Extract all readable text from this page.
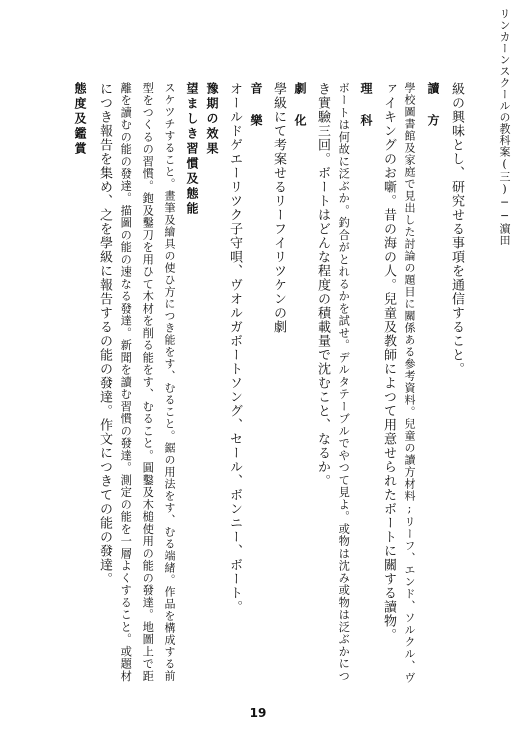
リンカーンスクールの教科案(三)──濵田
級の興味とし、研究せる事項を通信すること。
讀 方
學校圖書館及家庭で見出した討論の題目に關係ある參考資料。兒童の讀方材料;リーフ、エンド、ソルクル、ヴ
ァイキングのお噺。昔の海の人。兒童及教師によつて用意せられたボートに關する讀物。
理 科
ボートは何故に泛ぶか。釣合がとれるかを試せ。デルタテーブルでやつて見よ。或物は沈み或物は泛ぶかにつ
き實驗三回。ボートはどんな程度の積載量で沈むこと、なるか。
劇 化
學級にて考案せるリーフイリツケンの劇
音 樂
オールドゲエーリツク子守唄、ヴオルガボートソング、セール、ボンニー、ボート。
豫期の效果
望ましき習慣及態能
スケツチすること。畫筆及繪具の使ひ方につき能をす、むること。鋸の用法をす、むる端緒。作品を構成する前
型をつくるの習慣。鉋及鑿刀を用ひて木材を削る能をす、むること。圓鑿及木槌使用の能の發達。地圖上で距
離を讀むの能の發達。描圖の能の速なる發達。新聞を讀む習慣の發達。測定の能を一層よくすること。或題材
につき報告を集め、之を學級に報告するの能の發達。作文につきての能の發達。
態度及鑑賞
19
